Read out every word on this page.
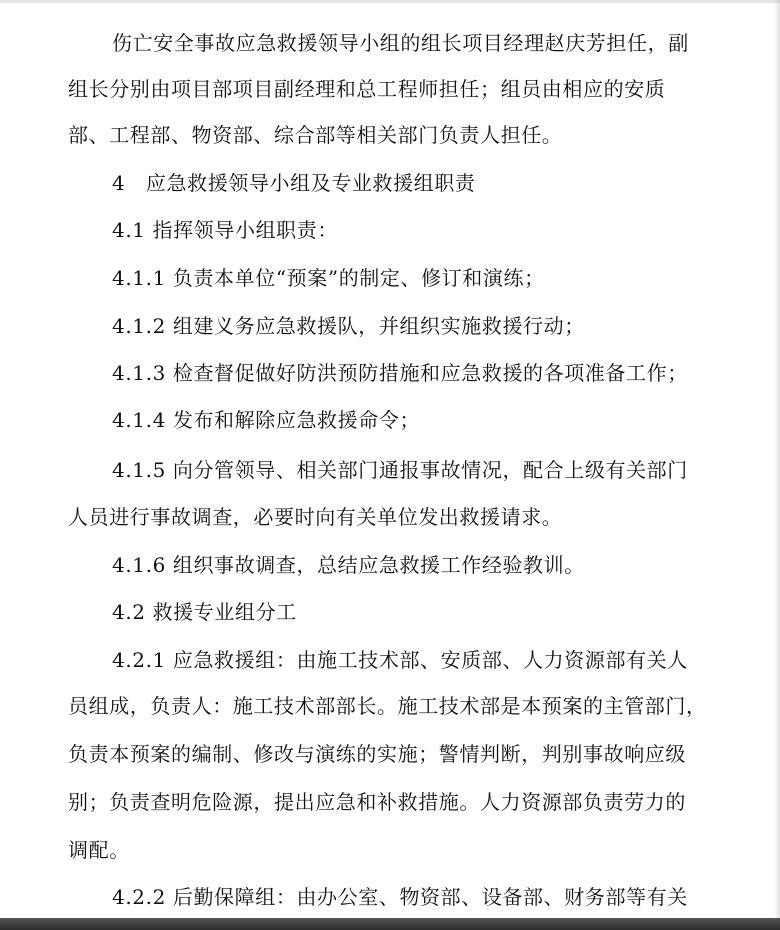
伤亡安全事故应急救援领导小组的组长项目经理赵庆芳担任，副
组长分别由项目部项目副经理和总工程师担任；组员由相应的安质
部、工程部、物资部、综合部等相关部门负责人担任。
4　应急救援领导小组及专业救援组职责
4.1 指挥领导小组职责：
4.1.1 负责本单位“预案”的制定、修订和演练；
4.1.2 组建义务应急救援队，并组织实施救援行动；
4.1.3 检查督促做好防洪预防措施和应急救援的各项准备工作；
4.1.4 发布和解除应急救援命令；
4.1.5 向分管领导、相关部门通报事故情况，配合上级有关部门
人员进行事故调查，必要时向有关单位发出救援请求。
4.1.6 组织事故调查，总结应急救援工作经验教训。
4.2 救援专业组分工
4.2.1 应急救援组：由施工技术部、安质部、人力资源部有关人
员组成，负责人：施工技术部部长。施工技术部是本预案的主管部门，
负责本预案的编制、修改与演练的实施；警情判断，判别事故响应级
别；负责查明危险源，提出应急和补救措施。人力资源部负责劳力的
调配。
4.2.2 后勤保障组：由办公室、物资部、设备部、财务部等有关
